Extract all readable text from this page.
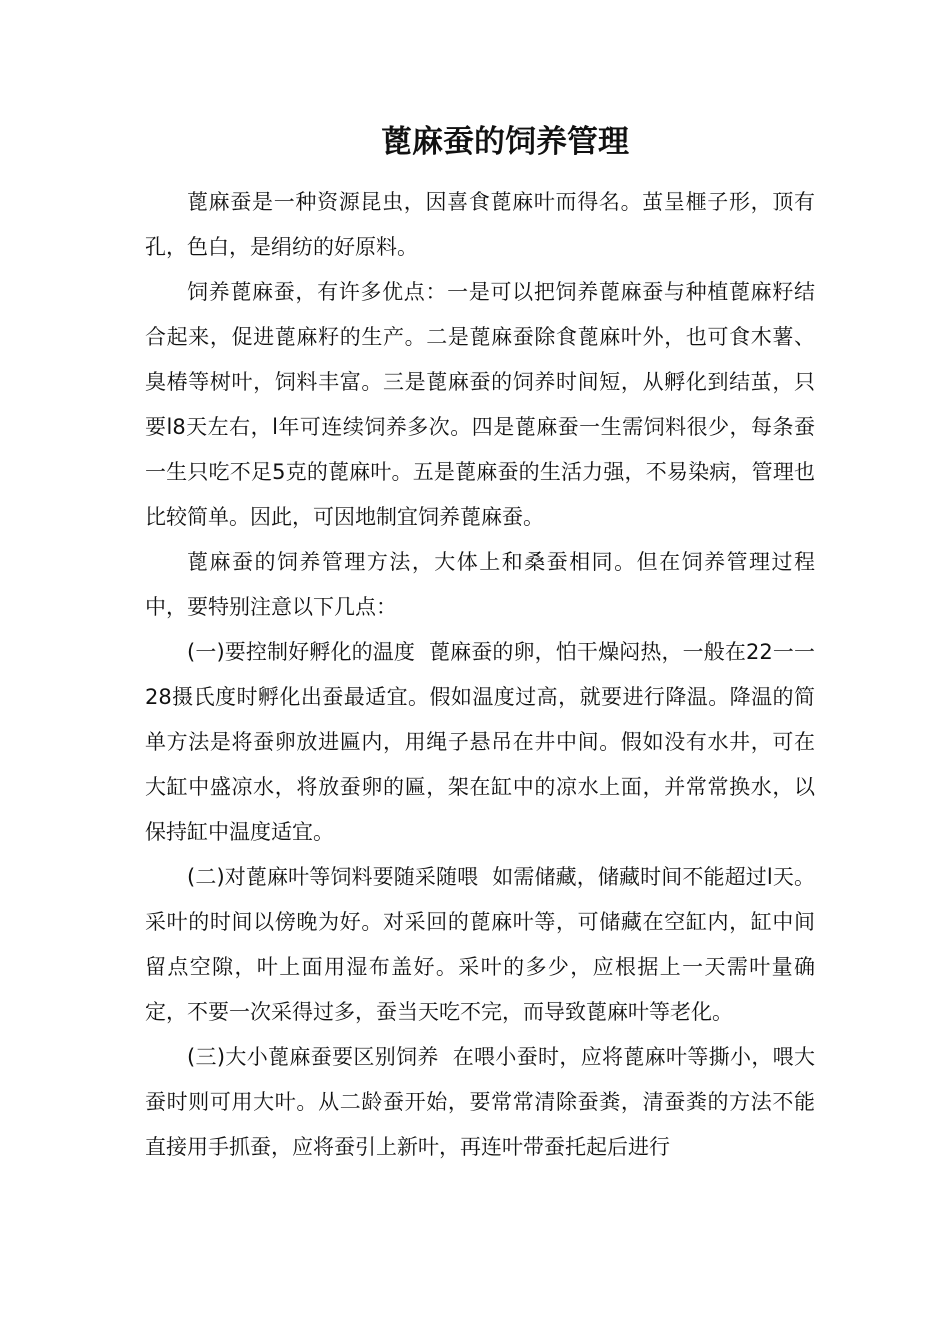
蓖麻蚕的饲养管理

蓖麻蚕是一种资源昆虫，因喜食蓖麻叶而得名。茧呈榧子形，顶有孔，色白，是绢纺的好原料。

饲养蓖麻蚕，有许多优点：一是可以把饲养蓖麻蚕与种植蓖麻籽结合起来，促进蓖麻籽的生产。二是蓖麻蚕除食蓖麻叶外，也可食木薯、臭椿等树叶，饲料丰富。三是蓖麻蚕的饲养时间短，从孵化到结茧，只要l8天左右，l年可连续饲养多次。四是蓖麻蚕一生需饲料很少，每条蚕一生只吃不足5克的蓖麻叶。五是蓖麻蚕的生活力强，不易染病，管理也比较简单。因此，可因地制宜饲养蓖麻蚕。

蓖麻蚕的饲养管理方法，大体上和桑蚕相同。但在饲养管理过程中，要特别注意以下几点：

(一)要控制好孵化的温度 蓖麻蚕的卵，怕干燥闷热，一般在22一一28摄氏度时孵化出蚕最适宜。假如温度过高，就要进行降温。降温的简单方法是将蚕卵放进匾内，用绳子悬吊在井中间。假如没有水井，可在大缸中盛凉水，将放蚕卵的匾，架在缸中的凉水上面，并常常换水，以保持缸中温度适宜。

(二)对蓖麻叶等饲料要随采随喂 如需储藏，储藏时间不能超过l天。采叶的时间以傍晚为好。对采回的蓖麻叶等，可储藏在空缸内，缸中间留点空隙，叶上面用湿布盖好。采叶的多少，应根据上一天需叶量确定，不要一次采得过多，蚕当天吃不完，而导致蓖麻叶等老化。

(三)大小蓖麻蚕要区别饲养 在喂小蚕时，应将蓖麻叶等撕小，喂大蚕时则可用大叶。从二龄蚕开始，要常常清除蚕粪，清蚕粪的方法不能直接用手抓蚕，应将蚕引上新叶，再连叶带蚕托起后进行
